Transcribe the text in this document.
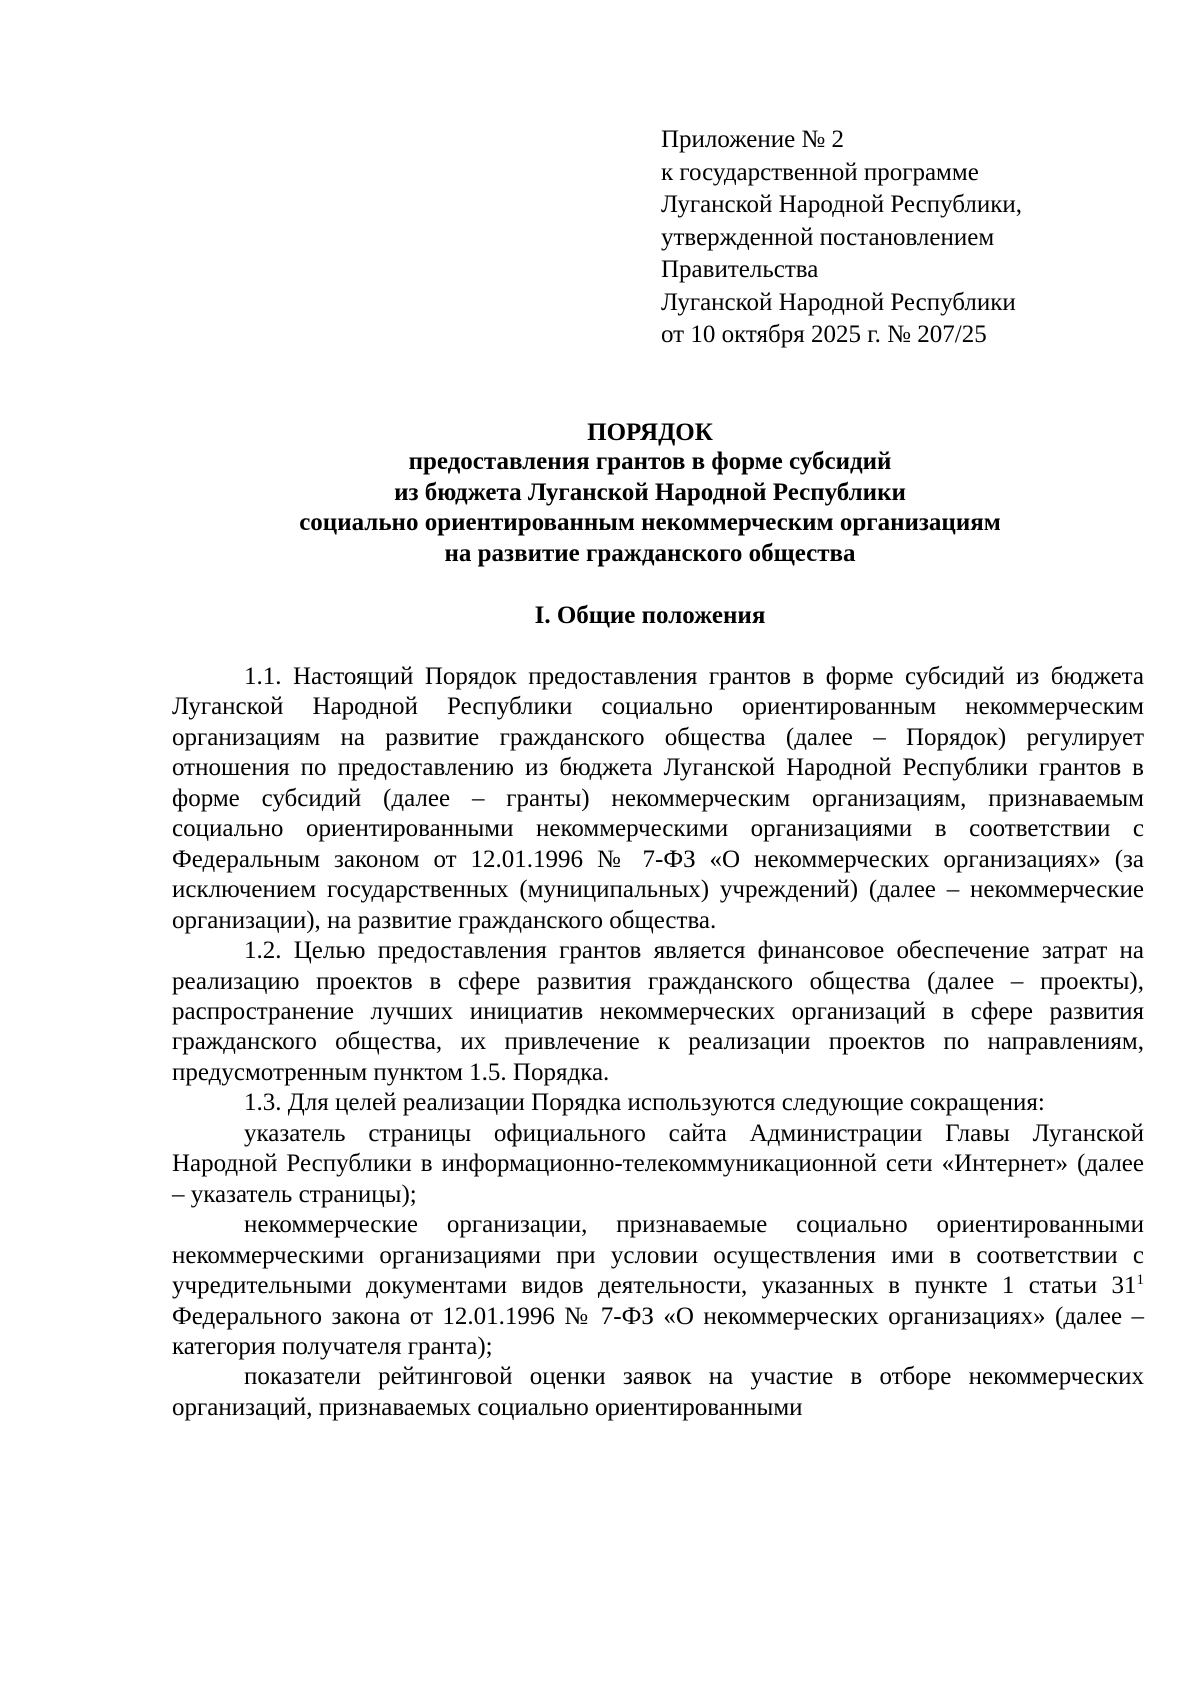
Приложение № 2
к государственной программе
Луганской Народной Республики,
утвержденной постановлением
Правительства
Луганской Народной Республики
от 10 октября 2025 г. № 207/25
ПОРЯДОК
предоставления грантов в форме субсидий
из бюджета Луганской Народной Республики
социально ориентированным некоммерческим организациям
на развитие гражданского общества
I. Общие положения

1.1. Настоящий Порядок предоставления грантов в форме субсидий из бюджета Луганской Народной Республики социально ориентированным некоммерческим организациям на развитие гражданского общества (далее – Порядок) регулирует отношения по предоставлению из бюджета Луганской Народной Республики грантов в форме субсидий (далее – гранты) некоммерческим организациям, признаваемым социально ориентированными некоммерческими организациями в соответствии с Федеральным законом от 12.01.1996 № 7-ФЗ «О некоммерческих организациях» (за исключением государственных (муниципальных) учреждений) (далее – некоммерческие организации), на развитие гражданского общества.

1.2. Целью предоставления грантов является финансовое обеспечение затрат на реализацию проектов в сфере развития гражданского общества (далее – проекты), распространение лучших инициатив некоммерческих организаций в сфере развития гражданского общества, их привлечение к реализации проектов по направлениям, предусмотренным пунктом 1.5. Порядка.

1.3. Для целей реализации Порядка используются следующие сокращения:

указатель страницы официального сайта Администрации Главы Луганской Народной Республики в информационно-телекоммуникационной сети «Интернет» (далее – указатель страницы);

некоммерческие организации, признаваемые социально ориентированными некоммерческими организациями при условии осуществления ими в соответствии с учредительными документами видов деятельности, указанных в пункте 1 статьи $31^1$ Федерального закона от 12.01.1996 № 7-ФЗ «О некоммерческих организациях» (далее – категория получателя гранта);

показатели рейтинговой оценки заявок на участие в отборе некоммерческих организаций, признаваемых социально ориентированными
